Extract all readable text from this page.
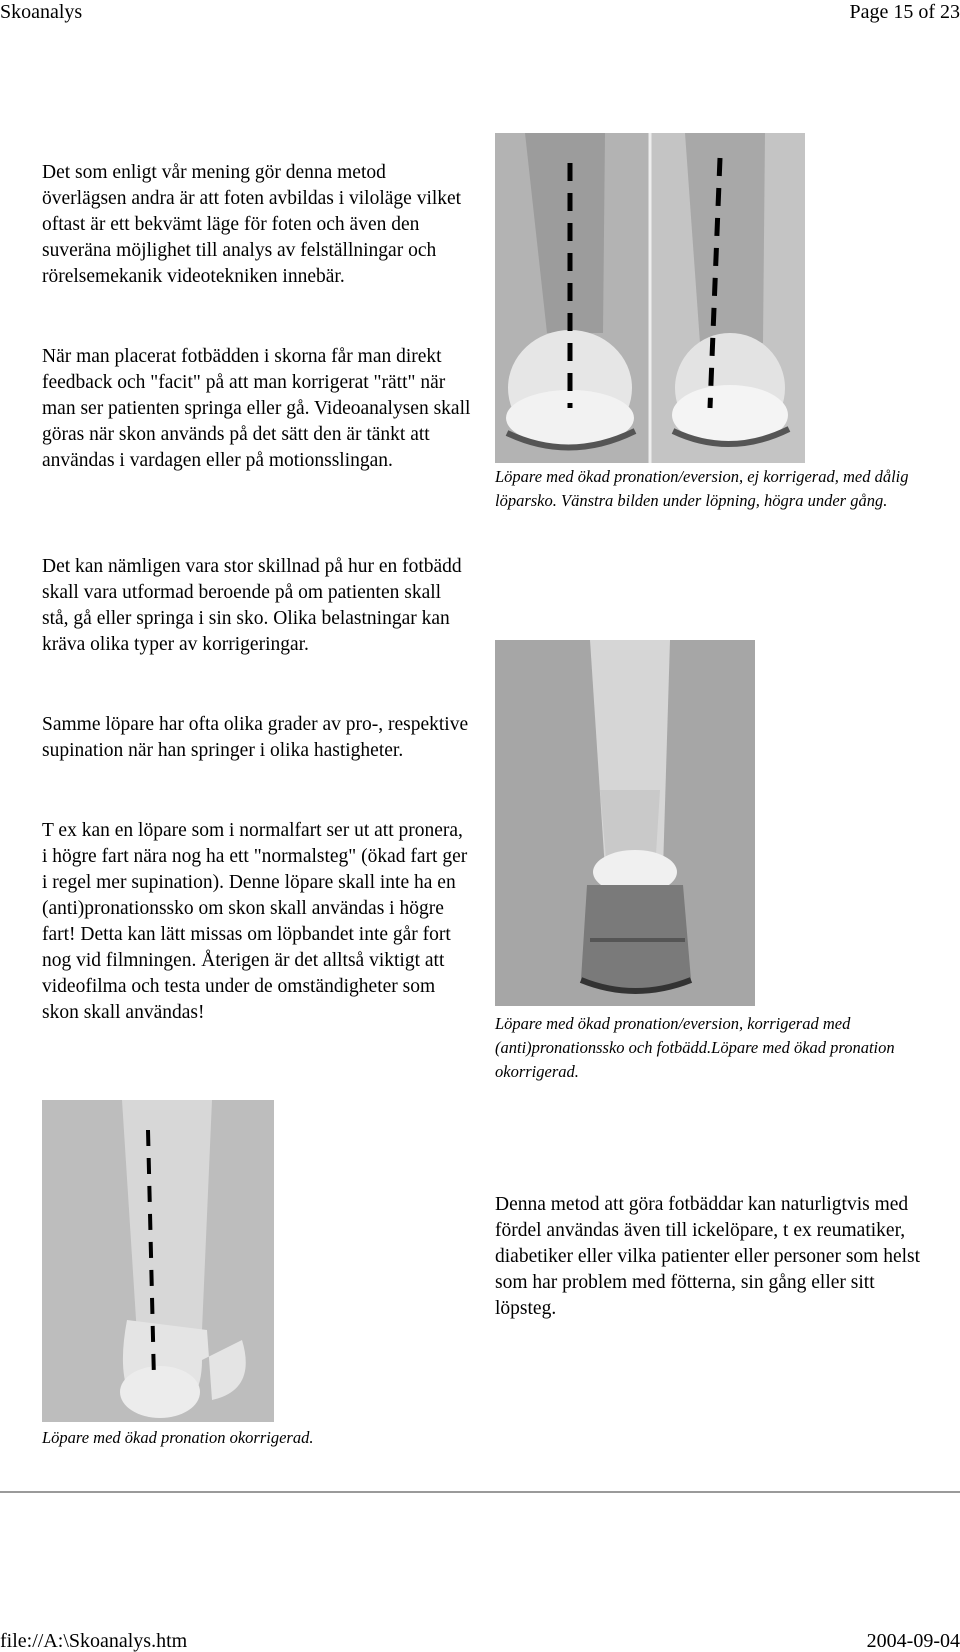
Skoanalys	Page 15 of 23

Det som enligt vår mening gör denna metod överlägsen andra är att foten avbildas i viloläge vilket oftast är ett bekvämt läge för foten och även den suveräna möjlighet till analys av felställningar och rörelsemekanik videotekniken innebär.

När man placerat fotbädden i skorna får man direkt feedback och "facit" på att man korrigerat "rätt" när man ser patienten springa eller gå. Videoanalysen skall göras när skon används på det sätt den är tänkt att användas i vardagen eller på motionsslingan.

Det kan nämligen vara stor skillnad på hur en fotbädd skall vara utformad beroende på om patienten skall stå, gå eller springa i sin sko. Olika belastningar kan kräva olika typer av korrigeringar.

Samme löpare har ofta olika grader av pro-, respektive supination när han springer i olika hastigheter.

T ex kan en löpare som i normalfart ser ut att pronera, i högre fart nära nog ha ett "normalsteg" (ökad fart ger i regel mer supination). Denne löpare skall inte ha en (anti)pronationssko om skon skall användas i högre fart! Detta kan lätt missas om löpbandet inte går fort nog vid filmningen. Återigen är det alltså viktigt att videofilma och testa under de omständigheter som skon skall användas!

Denna metod att göra fotbäddar kan naturligtvis med fördel användas även till ickelöpare, t ex reumatiker, diabetiker eller vilka patienter eller personer som helst som har problem med fötterna, sin gång eller sitt löpsteg.

Löpare med ökad pronation/eversion, ej korrigerad, med dålig löparsko. Vänstra bilden under löpning, högra under gång.

Löpare med ökad pronation/eversion, korrigerad med (anti)pronationssko och fotbädd.Löpare med ökad pronation okorrigerad.

Löpare med ökad pronation okorrigerad.

file://A:\Skoanalys.htm	2004-09-04
